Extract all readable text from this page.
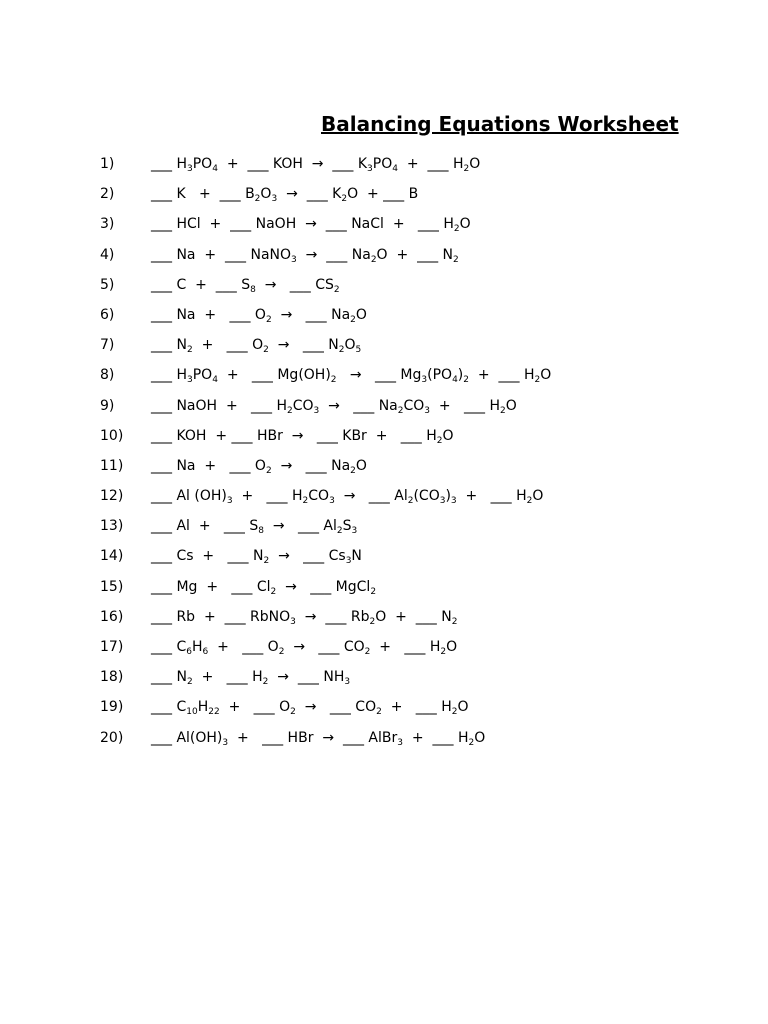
Balancing Equations Worksheet
1)	___ $H_3PO_4$  +  ___ KOH  →  ___ $K_3PO_4$  +  ___ $H_2O$
2)	___ K   +  ___ $B_2O_3$  →  ___ $K_2O$  + ___ B
3)	___ HCl  +  ___ NaOH  →  ___ NaCl  +   ___ $H_2O$
4)	___ Na  +  ___ NaNO$_3$  →  ___ $Na_2O$  +  ___ $N_2$
5)	___ C  +  ___ $S_8$  →   ___ $CS_2$
6)	___ Na  +   ___ $O_2$  →   ___ $Na_2O$
7)	___ $N_2$  +   ___ $O_2$  →   ___ $N_2O_5$
8)	___ $H_3PO_4$  +   ___ $Mg(OH)_2$   →   ___ $Mg_3(PO_4)_2$  +  ___ $H_2O$
9)	___ NaOH  +   ___ $H_2CO_3$  →   ___ $Na_2CO_3$  +   ___ $H_2O$
10) ___ KOH  + ___ HBr  →   ___ KBr  +   ___ $H_2O$
11) ___ Na  +   ___ $O_2$  →   ___ $Na_2O$
12) ___ Al $(OH)_3$  +   ___ $H_2CO_3$  →   ___ $Al_2(CO_3)_3$  +   ___ $H_2O$
13) ___ Al  +   ___ $S_8$  →   ___ $Al_2S_3$
14) ___ Cs  +   ___ $N_2$  →   ___ $Cs_3N$
15) ___ Mg  +   ___ $Cl_2$  →   ___ MgCl$_2$
16) ___ Rb  +  ___ RbNO$_3$  →  ___ $Rb_2O$  +  ___ $N_2$
17) ___ $C_6H_6$  +   ___ $O_2$  →   ___ $CO_2$  +   ___ $H_2O$
18) ___ $N_2$  +   ___ $H_2$  →  ___ $NH_3$
19) ___ $C_{10}H_{22}$  +   ___ $O_2$  →   ___ $CO_2$  +   ___ $H_2O$
20) ___ $Al(OH)_3$  +   ___ HBr  →  ___ AlBr$_3$  +  ___ $H_2O$
